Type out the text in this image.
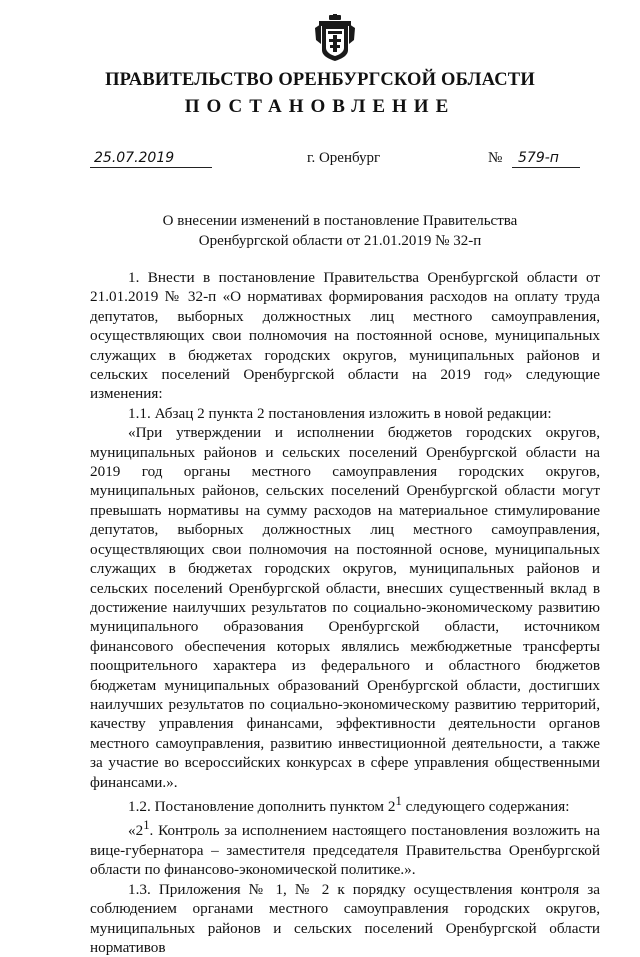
ПРАВИТЕЛЬСТВО ОРЕНБУРГСКОЙ ОБЛАСТИ
ПОСТАНОВЛЕНИЕ
25.07.2019	г. Оренбург	№	579-п
О внесении изменений в постановление Правительства
Оренбургской области от 21.01.2019 № 32-п

1. Внести в постановление Правительства Оренбургской области от 21.01.2019 № 32-п «О нормативах формирования расходов на оплату труда депутатов, выборных должностных лиц местного самоуправления, осуществляющих свои полномочия на постоянной основе, муниципальных служащих в бюджетах городских округов, муниципальных районов и сельских поселений Оренбургской области на 2019 год» следующие изменения:

1.1. Абзац 2 пункта 2 постановления изложить в новой редакции:

«При утверждении и исполнении бюджетов городских округов, муниципальных районов и сельских поселений Оренбургской области на 2019 год органы местного самоуправления городских округов, муниципальных районов, сельских поселений Оренбургской области могут превышать нормативы на сумму расходов на материальное стимулирование депутатов, выборных должностных лиц местного самоуправления, осуществляющих свои полномочия на постоянной основе, муниципальных служащих в бюджетах городских округов, муниципальных районов и сельских поселений Оренбургской области, внесших существенный вклад в достижение наилучших результатов по социально-экономическому развитию муниципального образования Оренбургской области, источником финансового обеспечения которых являлись межбюджетные трансферты поощрительного характера из федерального и областного бюджетов бюджетам муниципальных образований Оренбургской области, достигших наилучших результатов по социально-экономическому развитию территорий, качеству управления финансами, эффективности деятельности органов местного самоуправления, развитию инвестиционной деятельности, а также за участие во всероссийских конкурсах в сфере управления общественными финансами.».

1.2. Постановление дополнить пунктом $2^1$ следующего содержания:

«$2^1$. Контроль за исполнением настоящего постановления возложить на вице-губернатора – заместителя председателя Правительства Оренбургской области по финансово-экономической политике.».

1.3. Приложения № 1, № 2 к порядку осуществления контроля за соблюдением органами местного самоуправления городских округов, муниципальных районов и сельских поселений Оренбургской области нормативов
